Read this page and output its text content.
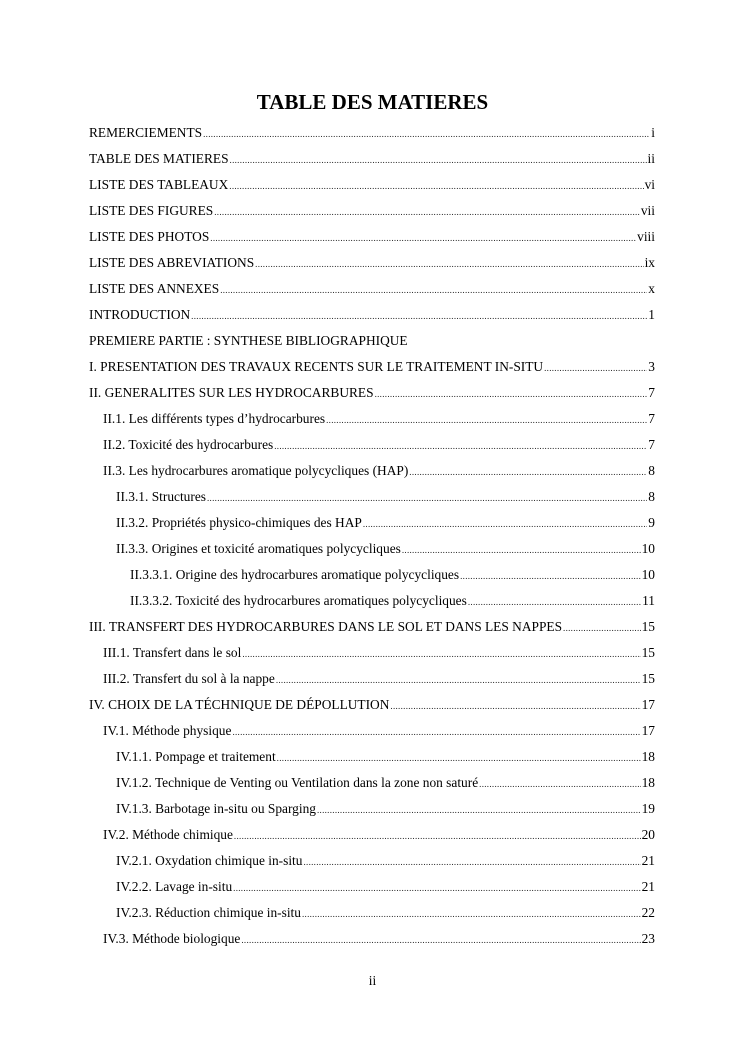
TABLE DES MATIERES
REMERCIEMENTS .....	i
TABLE DES MATIERES .....	ii
LISTE DES TABLEAUX .....	vi
LISTE DES FIGURES .....	vii
LISTE DES PHOTOS .....	viii
LISTE DES ABREVIATIONS .....	ix
LISTE DES ANNEXES .....	x
INTRODUCTION .....	1
PREMIERE PARTIE : SYNTHESE BIBLIOGRAPHIQUE
I. PRESENTATION DES TRAVAUX RECENTS SUR LE TRAITEMENT IN-SITU .....	3
II. GENERALITES SUR LES HYDROCARBURES .....	7
II.1. Les différents types d’hydrocarbures .....	7
II.2. Toxicité des hydrocarbures .....	7
II.3. Les hydrocarbures aromatique polycycliques (HAP) .....	8
II.3.1. Structures .....	8
II.3.2. Propriétés physico-chimiques des HAP .....	9
II.3.3. Origines et toxicité aromatiques polycycliques .....	10
II.3.3.1. Origine des hydrocarbures aromatique polycycliques .....	10
II.3.3.2. Toxicité des hydrocarbures aromatiques polycycliques .....	11
III. TRANSFERT DES HYDROCARBURES DANS LE SOL ET DANS LES NAPPES .....	15
III.1. Transfert dans le sol .....	15
III.2. Transfert du sol à la nappe .....	15
IV. CHOIX DE LA TÉCHNIQUE DE DÉPOLLUTION .....	17
IV.1. Méthode physique .....	17
IV.1.1. Pompage et traitement .....	18
IV.1.2. Technique de Venting ou Ventilation dans la zone non saturé .....	18
IV.1.3. Barbotage in-situ ou Sparging .....	19
IV.2. Méthode chimique .....	20
IV.2.1. Oxydation chimique in-situ .....	21
IV.2.2. Lavage in-situ .....	21
IV.2.3. Réduction chimique in-situ .....	22
IV.3. Méthode biologique .....	23
ii
